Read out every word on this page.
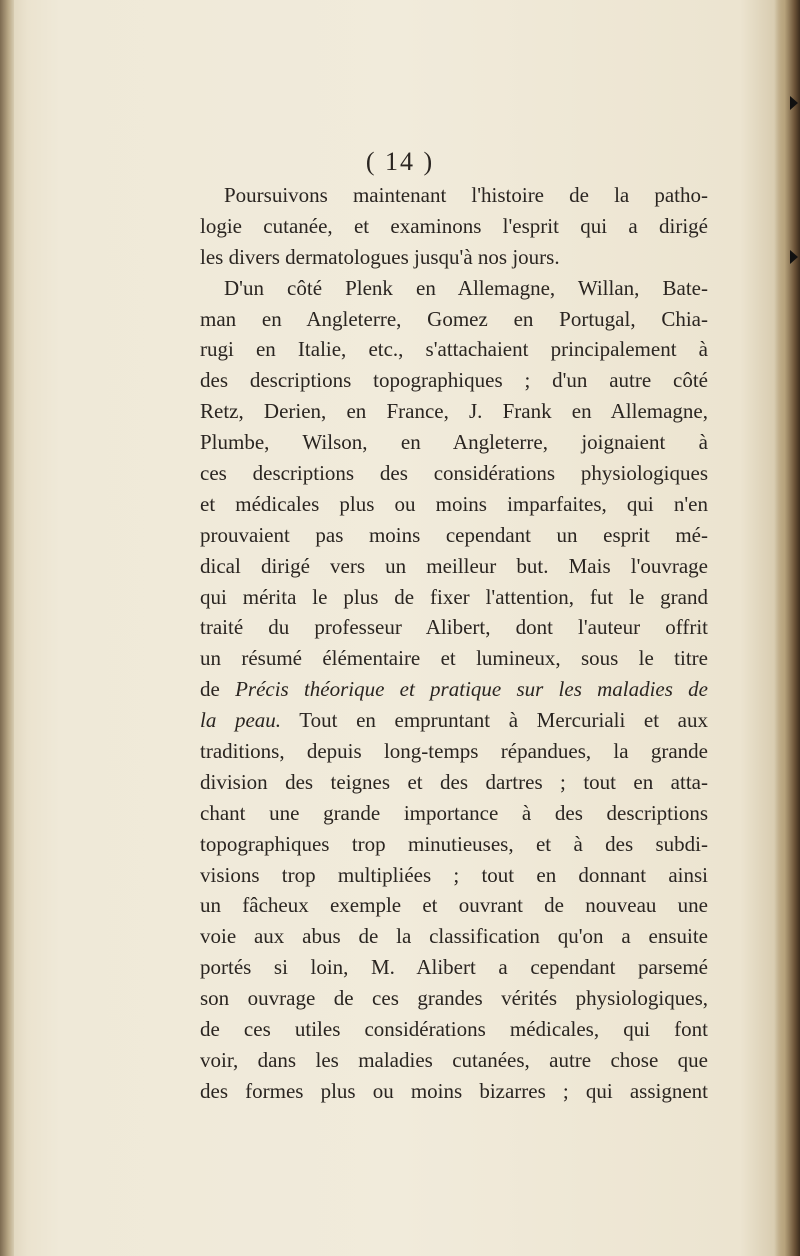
( 14 )
Poursuivons maintenant l'histoire de la patho-
logie cutanée, et examinons l'esprit qui a dirigé
les divers dermatologues jusqu'à nos jours.
D'un côté Plenk en Allemagne, Willan, Bate-
man en Angleterre, Gomez en Portugal, Chia-
rugi en Italie, etc., s'attachaient principalement à
des descriptions topographiques ; d'un autre côté
Retz, Derien, en France, J. Frank en Allemagne,
Plumbe, Wilson, en Angleterre, joignaient à
ces descriptions des considérations physiologiques
et médicales plus ou moins imparfaites, qui n'en
prouvaient pas moins cependant un esprit mé-
dical dirigé vers un meilleur but. Mais l'ouvrage
qui mérita le plus de fixer l'attention, fut le grand
traité du professeur Alibert, dont l'auteur offrit
un résumé élémentaire et lumineux, sous le titre
de Précis théorique et pratique sur les maladies de
la peau. Tout en empruntant à Mercuriali et aux
traditions, depuis long-temps répandues, la grande
division des teignes et des dartres ; tout en atta-
chant une grande importance à des descriptions
topographiques trop minutieuses, et à des subdi-
visions trop multipliées ; tout en donnant ainsi
un fâcheux exemple et ouvrant de nouveau une
voie aux abus de la classification qu'on a ensuite
portés si loin, M. Alibert a cependant parsemé
son ouvrage de ces grandes vérités physiologiques,
de ces utiles considérations médicales, qui font
voir, dans les maladies cutanées, autre chose que
des formes plus ou moins bizarres ; qui assignent
